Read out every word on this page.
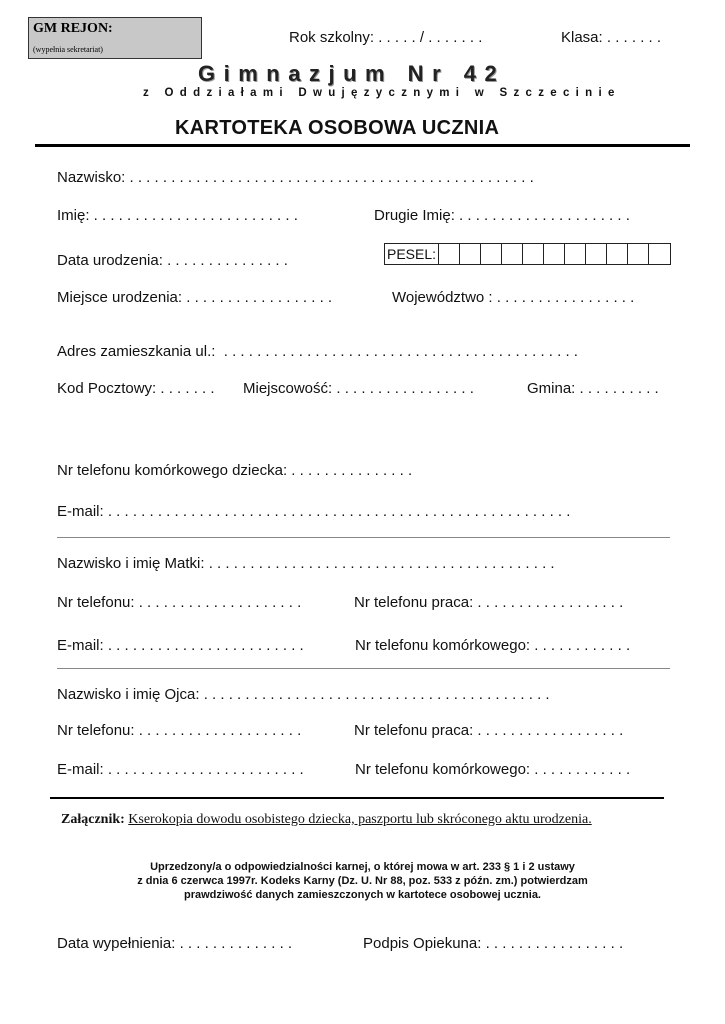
GM REJON:
(wypełnia sekretariat)
Rok szkolny: . . . . . / . . . . . . .	Klasa: . . . . . . .
Gimnazjum Nr 42
z Oddziałami Dwujęzycznymi w Szczecinie
KARTOTEKA OSOBOWA UCZNIA
Nazwisko: . . . . . . . . . . . . . . . . . . . . . . . . . . . . . . . . . . . . . . . . . . . . . . . . .
Imię: . . . . . . . . . . . . . . . . . . . . . . . . .	Drugie Imię: . . . . . . . . . . . . . . . . . . . . .
Data urodzenia: . . . . . . . . . . . . . . .	PESEL:
Miejsce urodzenia: . . . . . . . . . . . . . . . . . .	Województwo : . . . . . . . . . . . . . . . . .
Adres zamieszkania ul.:  . . . . . . . . . . . . . . . . . . . . . . . . . . . . . . . . . . . . . . . . . . .
Kod Pocztowy: . . . . . . . Miejscowość: . . . . . . . . . . . . . . . . .	Gmina: . . . . . . . . . .
Nr telefonu komórkowego dziecka: . . . . . . . . . . . . . . .
E-mail: . . . . . . . . . . . . . . . . . . . . . . . . . . . . . . . . . . . . . . . . . . . . . . . . . . . . . . . .
Nazwisko i imię Matki: . . . . . . . . . . . . . . . . . . . . . . . . . . . . . . . . . . . . . . . . . .
Nr telefonu: . . . . . . . . . . . . . . . . . . . .	Nr telefonu praca: . . . . . . . . . . . . . . . . . .
E-mail: . . . . . . . . . . . . . . . . . . . . . . . .	Nr telefonu komórkowego: . . . . . . . . . . . .
Nazwisko i imię Ojca: . . . . . . . . . . . . . . . . . . . . . . . . . . . . . . . . . . . . . . . . . .
Nr telefonu: . . . . . . . . . . . . . . . . . . . .	Nr telefonu praca: . . . . . . . . . . . . . . . . . .
E-mail: . . . . . . . . . . . . . . . . . . . . . . . .	Nr telefonu komórkowego: . . . . . . . . . . . .
Załącznik: Kserokopia dowodu osobistego dziecka, paszportu lub skróconego aktu urodzenia.
Uprzedzony/a o odpowiedzialności karnej, o której mowa w art. 233 § 1 i 2 ustawy
z dnia 6 czerwca 1997r. Kodeks Karny (Dz. U. Nr 88, poz. 533 z późn. zm.) potwierdzam
prawdziwość danych zamieszczonych w kartotece osobowej ucznia.
Data wypełnienia: . . . . . . . . . . . . . .	Podpis Opiekuna: . . . . . . . . . . . . . . . . .
